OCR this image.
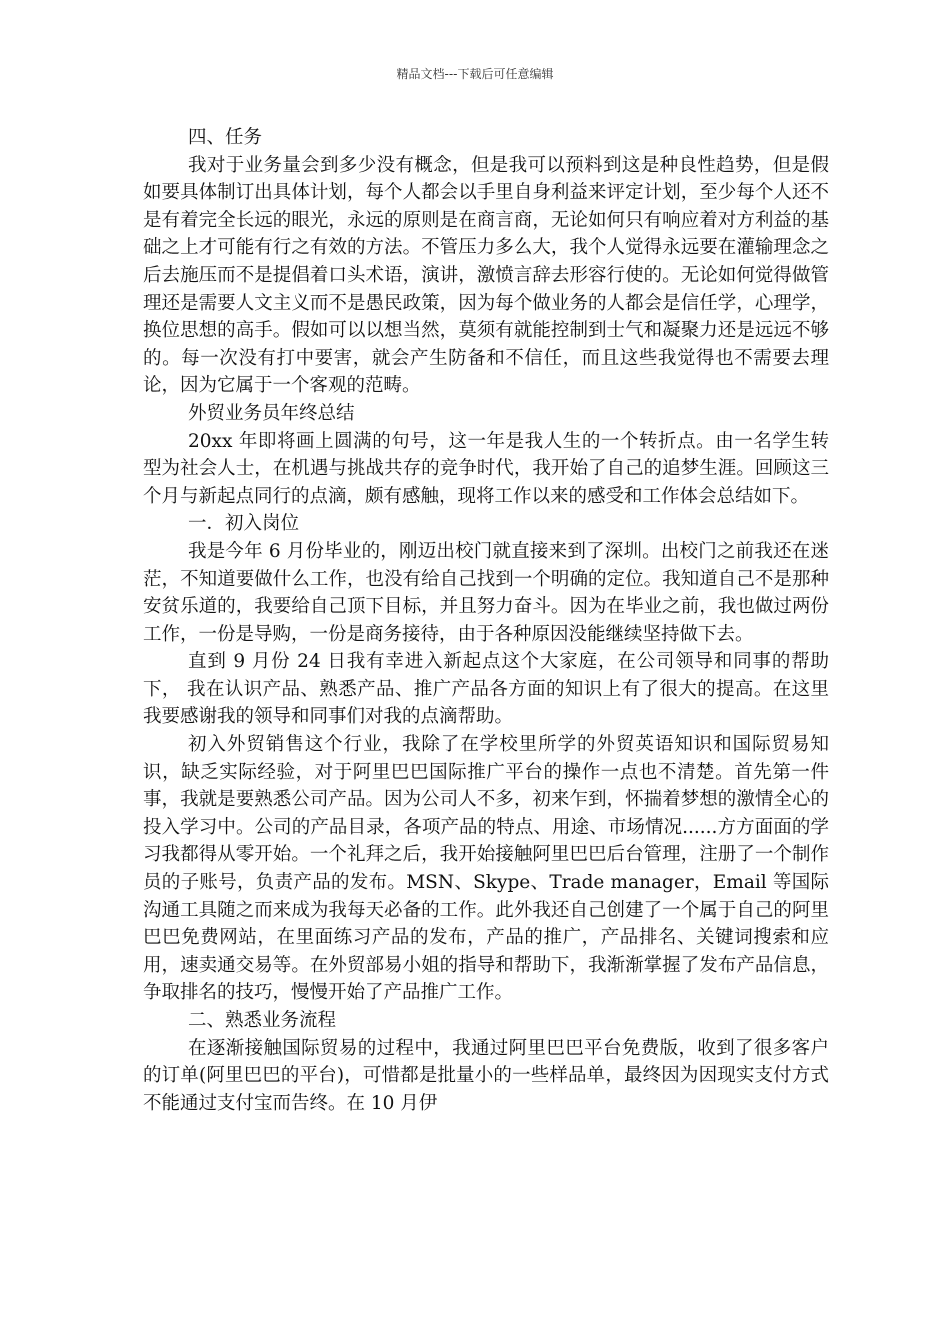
精品文档---下载后可任意编辑

四、任务

我对于业务量会到多少没有概念，但是我可以预料到这是种良性趋势，但是假如要具体制订出具体计划，每个人都会以手里自身利益来评定计划，至少每个人还不是有着完全长远的眼光，永远的原则是在商言商，无论如何只有响应着对方利益的基础之上才可能有行之有效的方法。不管压力多么大，我个人觉得永远要在灌输理念之后去施压而不是提倡着口头术语，演讲，激愤言辞去形容行使的。无论如何觉得做管理还是需要人文主义而不是愚民政策，因为每个做业务的人都会是信任学，心理学，换位思想的高手。假如可以以想当然，莫须有就能控制到士气和凝聚力还是远远不够的。每一次没有打中要害，就会产生防备和不信任，而且这些我觉得也不需要去理论，因为它属于一个客观的范畴。

外贸业务员年终总结

20xx 年即将画上圆满的句号，这一年是我人生的一个转折点。由一名学生转型为社会人士，在机遇与挑战共存的竞争时代，我开始了自己的追梦生涯。回顾这三个月与新起点同行的点滴，颇有感触，现将工作以来的感受和工作体会总结如下。

一．初入岗位

我是今年 6 月份毕业的，刚迈出校门就直接来到了深圳。出校门之前我还在迷茫，不知道要做什么工作，也没有给自己找到一个明确的定位。我知道自己不是那种安贫乐道的，我要给自己顶下目标，并且努力奋斗。因为在毕业之前，我也做过两份工作，一份是导购，一份是商务接待，由于各种原因没能继续坚持做下去。

直到 9 月份 24 日我有幸进入新起点这个大家庭，在公司领导和同事的帮助下， 我在认识产品、熟悉产品、推广产品各方面的知识上有了很大的提高。在这里我要感谢我的领导和同事们对我的点滴帮助。

初入外贸销售这个行业，我除了在学校里所学的外贸英语知识和国际贸易知识，缺乏实际经验，对于阿里巴巴国际推广平台的操作一点也不清楚。首先第一件事，我就是要熟悉公司产品。因为公司人不多，初来乍到，怀揣着梦想的激情全心的投入学习中。公司的产品目录，各项产品的特点、用途、市场情况......方方面面的学习我都得从零开始。一个礼拜之后，我开始接触阿里巴巴后台管理，注册了一个制作员的子账号，负责产品的发布。MSN、Skype、Trade manager，Email 等国际沟通工具随之而来成为我每天必备的工作。此外我还自己创建了一个属于自己的阿里巴巴免费网站，在里面练习产品的发布，产品的推广，产品排名、关键词搜索和应用，速卖通交易等。在外贸部易小姐的指导和帮助下，我渐渐掌握了发布产品信息，争取排名的技巧，慢慢开始了产品推广工作。

二、熟悉业务流程

在逐渐接触国际贸易的过程中，我通过阿里巴巴平台免费版，收到了很多客户的订单(阿里巴巴的平台)，可惜都是批量小的一些样品单，最终因为因现实支付方式不能通过支付宝而告终。在 10 月伊
